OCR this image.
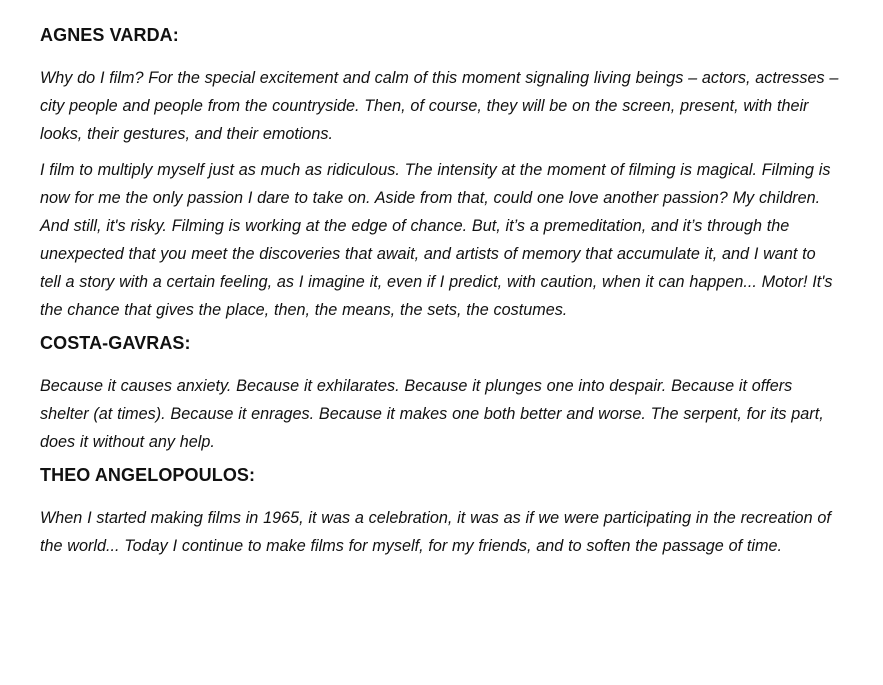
AGNES VARDA:

Why do I film? For the special excitement and calm of this moment signaling living beings – actors, actresses – city people and people from the countryside. Then, of course, they will be on the screen, present, with their looks, their gestures, and their emotions.

I film to multiply myself just as much as ridiculous. The intensity at the moment of filming is magical. Filming is now for me the only passion I dare to take on. Aside from that, could one love another passion? My children. And still, it's risky. Filming is working at the edge of chance. But, it’s a premeditation, and it’s through the unexpected that you meet the discoveries that await, and artists of memory that accumulate it, and I want to tell a story with a certain feeling, as I imagine it, even if I predict, with caution, when it can happen... Motor! It's the chance that gives the place, then, the means, the sets, the costumes.

COSTA-GAVRAS:

Because it causes anxiety. Because it exhilarates. Because it plunges one into despair. Because it offers shelter (at times). Because it enrages. Because it makes one both better and worse. The serpent, for its part, does it without any help.

THEO ANGELOPOULOS:

When I started making films in 1965, it was a celebration, it was as if we were participating in the recreation of the world... Today I continue to make films for myself, for my friends, and to soften the passage of time.
